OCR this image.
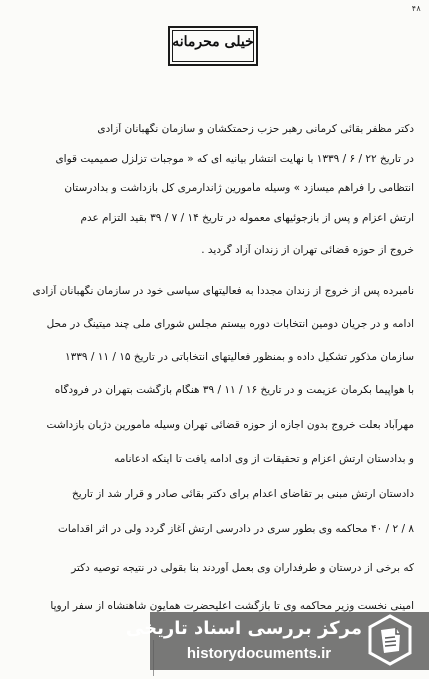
۴۸
خیلی محرمانه
دکتر مظفر بقائی کرمانی رهبر حزب زحمتکشان و سازمان نگهبانان آزادی
در تاریخ ۲۲ / ۶ / ۱۳۳۹ با نهایت انتشار بیانیه ای که « موجبات تزلزل صمیمیت قوای
انتظامی را فراهم میسازد » وسیله مأمورین ژاندارمری کل بازداشت و بدادرستان
ارتش اعزام و پس از بازجوئیهای معموله در تاریخ ۱۴ / ۷ / ۳۹ بقید التزام عدم
خروج از حوزه قضائی تهران از زندان آزاد گردید .
نامبرده پس از خروج از زندان مجدداً به فعالیتهای سیاسی خود در سازمان نگهبانان آزادی
ادامه و در جریان دومین انتخابات دوره بیستم مجلس شورای ملی چند میتینگ در محل
سازمان مذکور تشکیل داده و بمنظور فعالیتهای انتخاباتی در تاریخ ۱۵ / ۱۱ / ۱۳۳۹
با هواپیما بکرمان عزیمت و در تاریخ ۱۶ / ۱۱ / ۳۹ هنگام بازگشت بتهران در فرودگاه
مهرآباد بعلت خروج بدون اجازه از حوزه قضائی تهران وسیله مأمورین دژبان بازداشت
و بدادستان ارتش اعزام و تحقیقات از وی ادامه یافت تا اینکه ادعانامه
دادستان ارتش مبنی بر تقاضای اعدام برای دکتر بقائی صادر و قرار شد از تاریخ
۸ / ۲ / ۴۰ محاکمه وی بطور سری در دادرسی ارتش آغاز گردد ولی در اثر اقدامات
که برخی از درستان و طرفداران وی بعمل آوردند بنا بقولی در نتیجه توصیه دکتر
امینی نخست وزیر محاکمه وی تا بازگشت اعلیحضرت همایون شاهنشاه از سفر اروپا
مرکز بررسی اسناد تاریخی
historydocuments.ir
